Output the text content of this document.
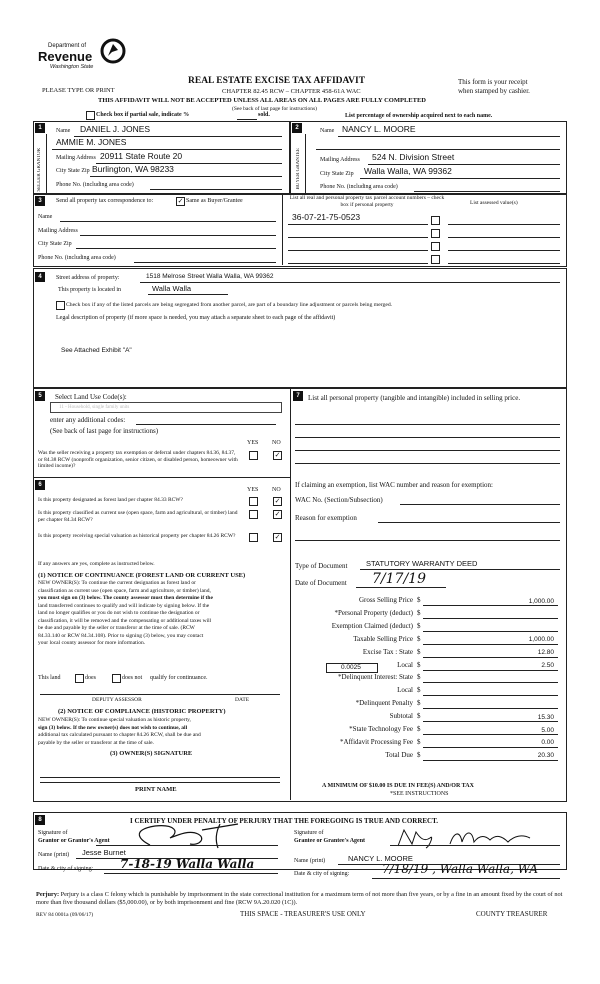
Department of
Revenue
Washington State
PLEASE TYPE OR PRINT
REAL ESTATE EXCISE TAX AFFIDAVIT
CHAPTER 82.45 RCW – CHAPTER 458-61A WAC
THIS AFFIDAVIT WILL NOT BE ACCEPTED UNLESS ALL AREAS ON ALL PAGES ARE FULLY COMPLETED
This form is your receipt
when stamped by cashier.
(See back of last page for instructions)
Check box if partial sale, indicate %	sold.	List percentage of ownership acquired next to each name.
1	2
SELLER GRANTOR	BUYER GRANTEE
Name DANIEL J. JONES
AMMIE M. JONES
Mailing Address 20911 State Route 20
City State Zip Burlington, WA 98233
Phone No. (including area code)
Name NANCY L. MOORE
Mailing Address 524 N. Division Street
City State Zip Walla Walla, WA 99362
Phone No. (including area code)
3	Send all property tax correspondence to:	✓ Same as Buyer/Grantee
Name
Mailing Address
City State Zip
Phone No. (including area code)
List all real and personal property tax parcel account numbers – check box if personal property	List assessed value(s)
36-07-21-75-0523
4	Street address of property:	1518 Melrose Street Walla Walla, WA 99362
This property is located in	Walla Walla
Check box if any of the listed parcels are being segregated from another parcel, are part of a boundary line adjustment or parcels being merged.
Legal description of property (if more space is needed, you may attach a separate sheet to each page of the affidavit)
See Attached Exhibit "A"
5	Select Land Use Code(s):
11 - Household, single family units
enter any additional codes:
(See back of last page for instructions)
YES NO
Was the seller receiving a property tax exemption or deferral under chapters 84.36, 84.37, or 84.38 RCW (nonprofit organization, senior citizen, or disabled person, homeowner with limited income)?
✓
6
YES NO
Is this property designated as forest land per chapter 84.33 RCW?	✓
Is this property classified as current use (open space, farm and agricultural, or timber) land per chapter 84.34 RCW?
✓
Is this property receiving special valuation as historical property per chapter 84.26 RCW?	✓
If any answers are yes, complete as instructed below.
(1) NOTICE OF CONTINUANCE (FOREST LAND OR CURRENT USE)
NEW OWNER(S): To continue the current designation as forest land or
classification as current use (open space, farm and agriculture, or timber) land,
you must sign on (3) below. The county assessor must then determine if the
land transferred continues to qualify and will indicate by signing below. If the
land no longer qualifies or you do not wish to continue the designation or
classification, it will be removed and the compensating or additional taxes will
be due and payable by the seller or transferor at the time of sale. (RCW
84.33.140 or RCW 84.34.108). Prior to signing (3) below, you may contact
your local county assessor for more information.
This land	does	does not qualify for continuance.
DEPUTY ASSESSOR	DATE
(2) NOTICE OF COMPLIANCE (HISTORIC PROPERTY)
NEW OWNER(S): To continue special valuation as historic property,
sign (3) below. If the new owner(s) does not wish to continue, all
additional tax calculated pursuant to chapter 84.26 RCW, shall be due and
payable by the seller or transferor at the time of sale.
(3) OWNER(S) SIGNATURE
PRINT NAME
7	List all personal property (tangible and intangible) included in selling price.
If claiming an exemption, list WAC number and reason for exemption:
WAC No. (Section/Subsection)
Reason for exemption
Type of Document STATUTORY WARRANTY DEED
Date of Document 7/17/19
Gross Selling Price $	1,000.00
*Personal Property (deduct) $
Exemption Claimed (deduct) $
Taxable Selling Price $	1,000.00
Excise Tax : State $	12.80
Local $	2.50
*Delinquent Interest: State $
Local $
*Delinquent Penalty $
Subtotal $	15.30
*State Technology Fee $	5.00
*Affidavit Processing Fee $	0.00
Total Due $	20.30
0.0025
A MINIMUM OF $10.00 IS DUE IN FEE(S) AND/OR TAX
*SEE INSTRUCTIONS
8	I CERTIFY UNDER PENALTY OF PERJURY THAT THE FOREGOING IS TRUE AND CORRECT.
Signature of
Grantor or Grantor's Agent
Name (print) Jesse Burnet
Date & city of signing: 7-18-19 Walla Walla
Signature of
Grantee or Grantee's Agent
Name (print)	NANCY L. MOORE
Date & city of signing:	7/18/19 , Walla Walla, WA
Perjury: Perjury is a class C felony which is punishable by imprisonment in the state correctional institution for a maximum term of not more than five years, or by a fine in an amount fixed by the court of not more than five thousand dollars ($5,000.00), or by both imprisonment and fine (RCW 9A.20.020 (1C)).
REV 84 0001a (09/06/17)	THIS SPACE - TREASURER'S USE ONLY	COUNTY TREASURER
